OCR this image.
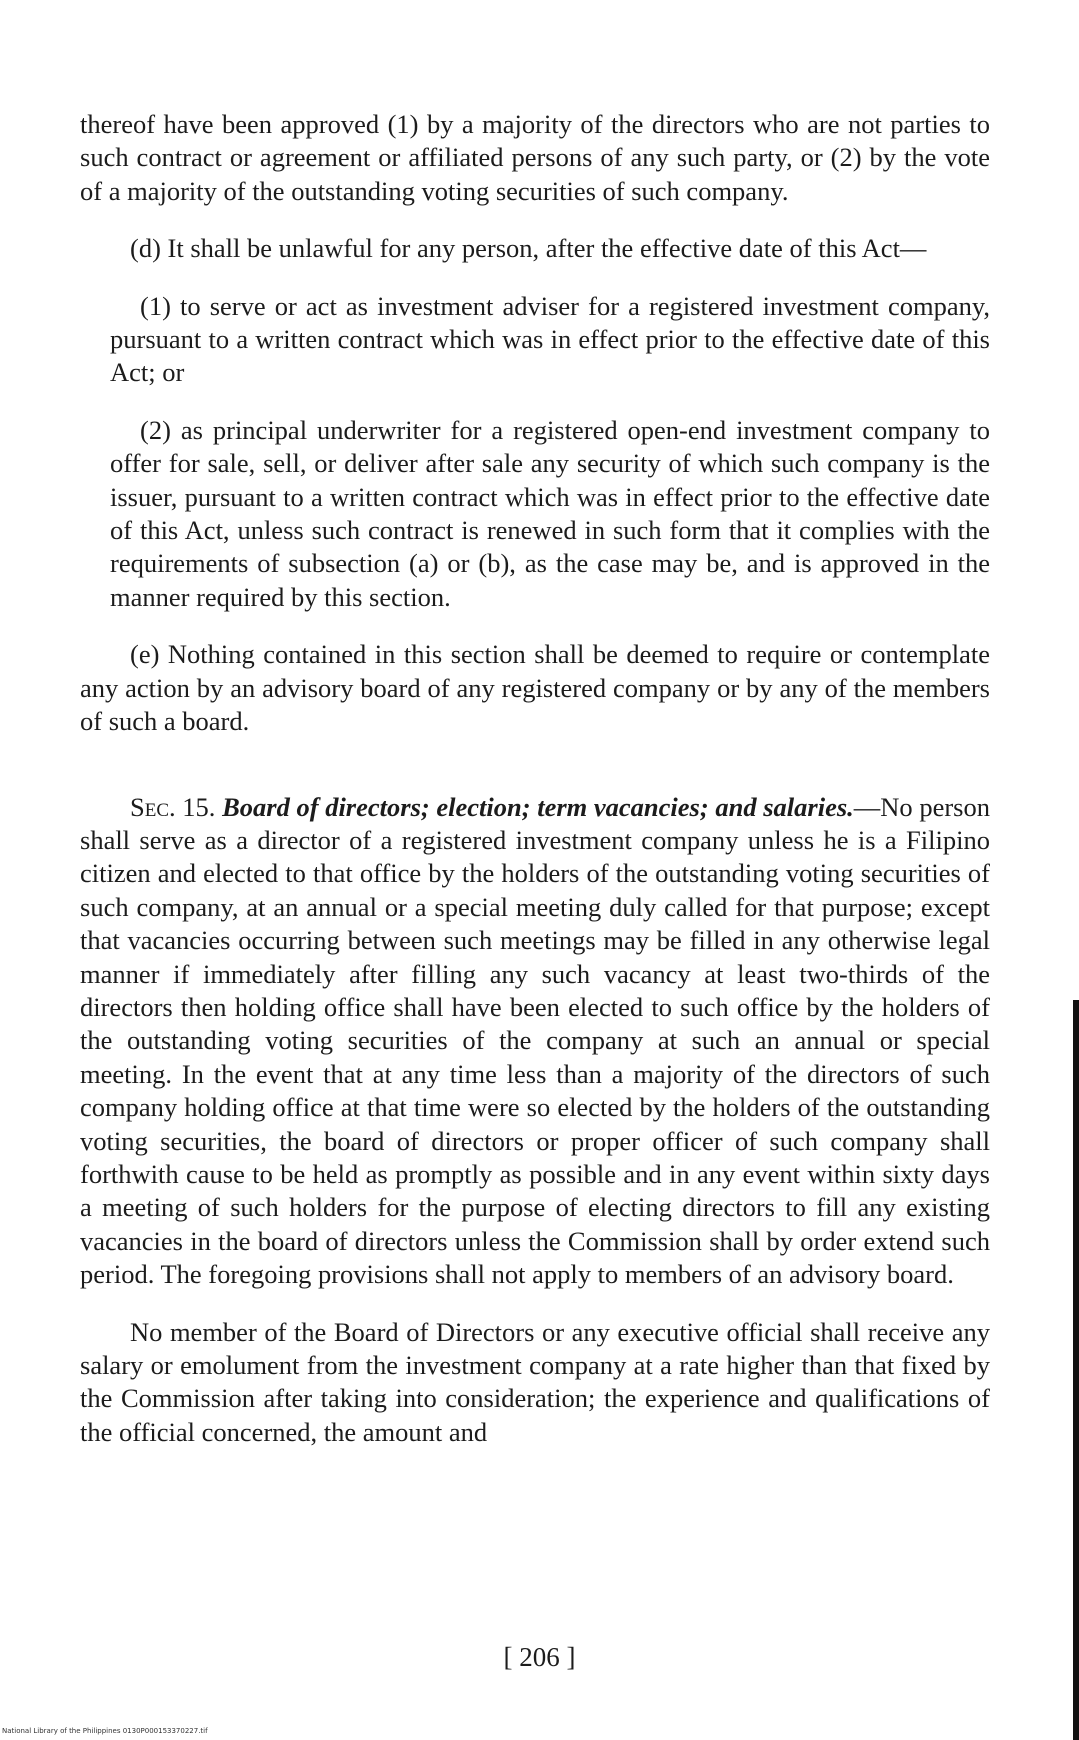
thereof have been approved (1) by a majority of the directors who are not parties to such contract or agreement or affiliated persons of any such party, or (2) by the vote of a majority of the outstanding voting securities of such company.

(d) It shall be unlawful for any person, after the effective date of this Act—

(1) to serve or act as investment adviser for a registered investment company, pursuant to a written contract which was in effect prior to the effective date of this Act; or

(2) as principal underwriter for a registered open-end investment company to offer for sale, sell, or deliver after sale any security of which such company is the issuer, pursuant to a written contract which was in effect prior to the effective date of this Act, unless such contract is renewed in such form that it complies with the requirements of subsection (a) or (b), as the case may be, and is approved in the manner required by this section.

(e) Nothing contained in this section shall be deemed to require or contemplate any action by an advisory board of any registered company or by any of the members of such a board.

Sec. 15. Board of directors; election; term vacancies; and salaries.—No person shall serve as a director of a registered investment company unless he is a Filipino citizen and elected to that office by the holders of the outstanding voting securities of such company, at an annual or a special meeting duly called for that purpose; except that vacancies occurring between such meetings may be filled in any otherwise legal manner if immediately after filling any such vacancy at least two-thirds of the directors then holding office shall have been elected to such office by the holders of the outstanding voting securities of the company at such an annual or special meeting. In the event that at any time less than a majority of the directors of such company holding office at that time were so elected by the holders of the outstanding voting securities, the board of directors or proper officer of such company shall forthwith cause to be held as promptly as possible and in any event within sixty days a meeting of such holders for the purpose of electing directors to fill any existing vacancies in the board of directors unless the Commission shall by order extend such period. The foregoing provisions shall not apply to members of an advisory board.

No member of the Board of Directors or any executive official shall receive any salary or emolument from the investment company at a rate higher than that fixed by the Commission after taking into consideration; the experience and qualifications of the official concerned, the amount and

[ 206 ]
National Library of the Philippines 0130P000153370227.tif
